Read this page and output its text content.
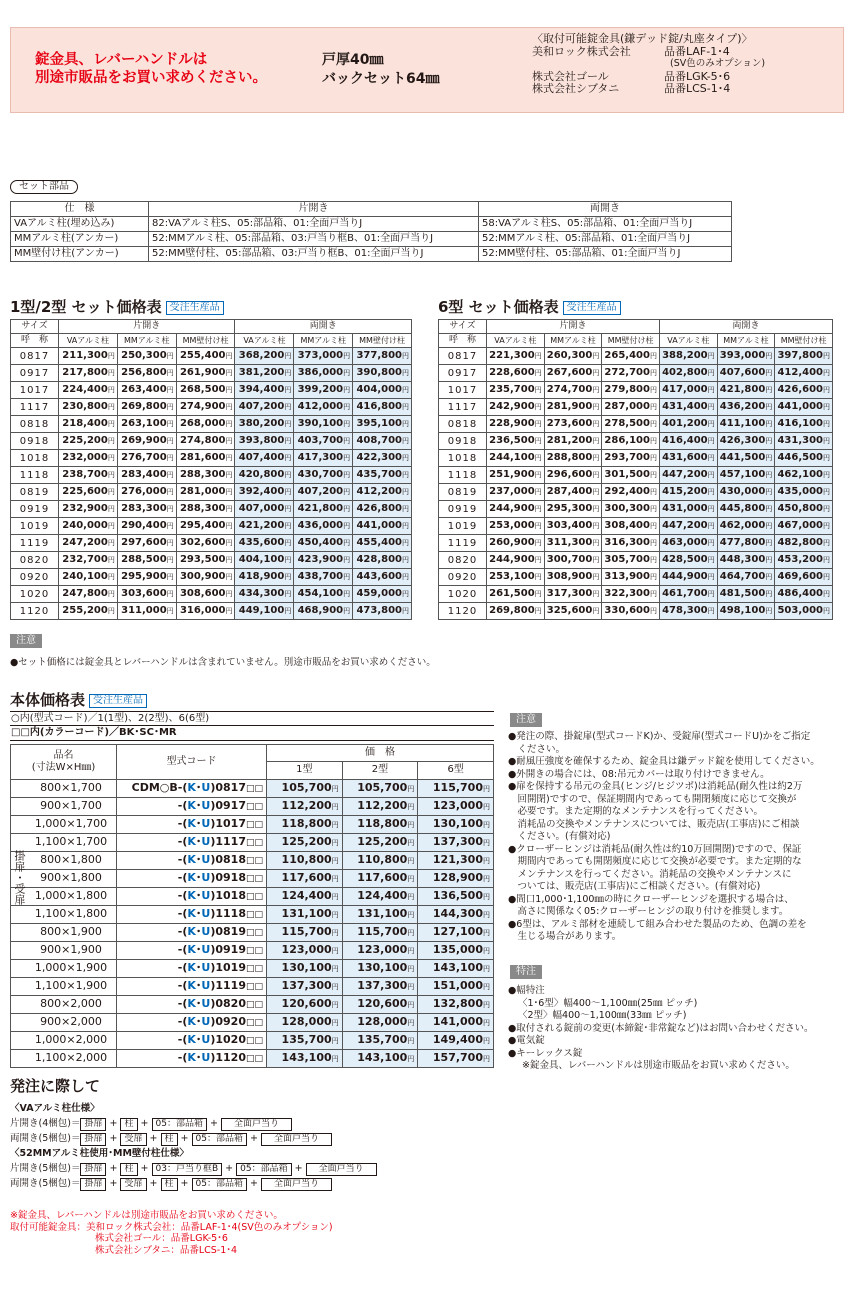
錠金具、レバーハンドルは
別途市販品をお買い求めください。
戸厚40㎜
バックセット64㎜
〈取付可能錠金具(鎌デッド錠/丸座タイプ)〉
美和ロック株式会社	品番LAF-1･4
(SV色のみオプション)
株式会社ゴール	品番LGK-5･6
株式会社シブタニ	品番LCS-1･4
セット部品
仕　様	片開き	両開き
VAアルミ柱(埋め込み)	82:VAアルミ柱S、05:部品箱、01:全面戸当りJ	58:VAアルミ柱S、05:部品箱、01:全面戸当りJ
MMアルミ柱(アンカー)	52:MMアルミ柱、05:部品箱、03:戸当り框B、01:全面戸当りJ	52:MMアルミ柱、05:部品箱、01:全面戸当りJ
MM壁付け柱(アンカー)	52:MM壁付柱、05:部品箱、03:戸当り框B、01:全面戸当りJ	52:MM壁付柱、05:部品箱、01:全面戸当りJ
1型/2型 セット価格表 受注生産品	6型 セット価格表 受注生産品
サイズ	片開き			両開き		
呼　称	VAアルミ柱	MMアルミ柱	MM壁付け柱	VAアルミ柱	MMアルミ柱	MM壁付け柱
0817	211,300円	250,300円	255,400円	368,200円	373,000円	377,800円
0917	217,800円	256,800円	261,900円	381,200円	386,000円	390,800円
1017	224,400円	263,400円	268,500円	394,400円	399,200円	404,000円
1117	230,800円	269,800円	274,900円	407,200円	412,000円	416,800円
0818	218,400円	263,100円	268,000円	380,200円	390,100円	395,100円
0918	225,200円	269,900円	274,800円	393,800円	403,700円	408,700円
1018	232,000円	276,700円	281,600円	407,400円	417,300円	422,300円
1118	238,700円	283,400円	288,300円	420,800円	430,700円	435,700円
0819	225,600円	276,000円	281,000円	392,400円	407,200円	412,200円
0919	232,900円	283,300円	288,300円	407,000円	421,800円	426,800円
1019	240,000円	290,400円	295,400円	421,200円	436,000円	441,000円
1119	247,200円	297,600円	302,600円	435,600円	450,400円	455,400円
0820	232,700円	288,500円	293,500円	404,100円	423,900円	428,800円
0920	240,100円	295,900円	300,900円	418,900円	438,700円	443,600円
1020	247,800円	303,600円	308,600円	434,300円	454,100円	459,000円
1120	255,200円	311,000円	316,000円	449,100円	468,900円	473,800円
サイズ	片開き			両開き		
呼　称	VAアルミ柱	MMアルミ柱	MM壁付け柱	VAアルミ柱	MMアルミ柱	MM壁付け柱
0817	221,300円	260,300円	265,400円	388,200円	393,000円	397,800円
0917	228,600円	267,600円	272,700円	402,800円	407,600円	412,400円
1017	235,700円	274,700円	279,800円	417,000円	421,800円	426,600円
1117	242,900円	281,900円	287,000円	431,400円	436,200円	441,000円
0818	228,900円	273,600円	278,500円	401,200円	411,100円	416,100円
0918	236,500円	281,200円	286,100円	416,400円	426,300円	431,300円
1018	244,100円	288,800円	293,700円	431,600円	441,500円	446,500円
1118	251,900円	296,600円	301,500円	447,200円	457,100円	462,100円
0819	237,000円	287,400円	292,400円	415,200円	430,000円	435,000円
0919	244,900円	295,300円	300,300円	431,000円	445,800円	450,800円
1019	253,000円	303,400円	308,400円	447,200円	462,000円	467,000円
1119	260,900円	311,300円	316,300円	463,000円	477,800円	482,800円
0820	244,900円	300,700円	305,700円	428,500円	448,300円	453,200円
0920	253,100円	308,900円	313,900円	444,900円	464,700円	469,600円
1020	261,500円	317,300円	322,300円	461,700円	481,500円	486,400円
1120	269,800円	325,600円	330,600円	478,300円	498,100円	503,000円
注意
●セット価格には錠金具とレバーハンドルは含まれていません。別途市販品をお買い求めください。
本体価格表 受注生産品
○内(型式コード)／1(1型)、2(2型)、6(6型)
□□内(カラーコード)／BK･SC･MR
品名
(寸法W×H㎜)	型式コード	価　格		
		1型	2型	6型
800×1,700	CDM○B-(K･U)0817□□	105,700円	105,700円	115,700円
900×1,700	-(K･U)0917□□	112,200円	112,200円	123,000円
1,000×1,700	-(K･U)1017□□	118,800円	118,800円	130,100円
1,100×1,700	-(K･U)1117□□	125,200円	125,200円	137,300円
800×1,800	-(K･U)0818□□	110,800円	110,800円	121,300円
900×1,800	-(K･U)0918□□	117,600円	117,600円	128,900円
1,000×1,800	-(K･U)1018□□	124,400円	124,400円	136,500円
1,100×1,800	-(K･U)1118□□	131,100円	131,100円	144,300円
800×1,900	-(K･U)0819□□	115,700円	115,700円	127,100円
900×1,900	-(K･U)0919□□	123,000円	123,000円	135,000円
1,000×1,900	-(K･U)1019□□	130,100円	130,100円	143,100円
1,100×1,900	-(K･U)1119□□	137,300円	137,300円	151,000円
800×2,000	-(K･U)0820□□	120,600円	120,600円	132,800円
900×2,000	-(K･U)0920□□	128,000円	128,000円	141,000円
1,000×2,000	-(K･U)1020□□	135,700円	135,700円	149,400円
1,100×2,000	-(K･U)1120□□	143,100円	143,100円	157,700円
注意
●発注の際、掛錠扉(型式コードK)か、受錠扉(型式コードU)かをご指定
　ください。
●耐風圧強度を確保するため、錠金具は鎌デッド錠を使用してください。
●外開きの場合には、08:吊元カバーは取り付けできません。
●扉を保持する吊元の金具(ヒンジ/ヒジツボ)は消耗品(耐久性は約2万
　回開閉)ですので、保証期間内であっても開閉頻度に応じて交換が
　必要です。また定期的なメンテナンスを行ってください。
　消耗品の交換やメンテナンスについては、販売店(工事店)にご相談
　ください。(有償対応)
●クローザーヒンジは消耗品(耐久性は約10万回開閉)ですので、保証
　期間内であっても開閉頻度に応じて交換が必要です。また定期的な
　メンテナンスを行ってください。消耗品の交換やメンテナンスに
　ついては、販売店(工事店)にご相談ください。(有償対応)
●間口1,000･1,100㎜の時にクローザーヒンジを選択する場合は、
　高さに関係なく05:クローザーヒンジの取り付けを推奨します。
●6型は、アルミ部材を連続して組み合わせた製品のため、色調の差を
　生じる場合があります。
特注
●幅特注
〈1･6型〉幅400～1,100㎜(25㎜ ピッチ)
〈2型〉幅400～1,100㎜(33㎜ ピッチ)
●取付される錠前の変更(本締錠･非常錠など)はお問い合わせください。
●電気錠
●キーレックス錠
※錠金具、レバーハンドルは別途市販品をお買い求めください。
発注に際して
〈VAアルミ柱仕様〉
片開き(4梱包)＝ 掛扉 + 柱 + 05：部品箱 + 全面戸当り
両開き(5梱包)＝ 掛扉 + 受扉 + 柱 + 05：部品箱 + 全面戸当り
〈52MMアルミ柱使用･MM壁付柱仕様〉
片開き(5梱包)＝ 掛扉 + 柱 + 03：戸当り框B + 05：部品箱 + 全面戸当り
両開き(5梱包)＝ 掛扉 + 受扉 + 柱 + 05：部品箱 + 全面戸当り
※錠金具、レバーハンドルは別途市販品をお買い求めください。
取付可能錠金具：美和ロック株式会社：品番LAF-1･4(SV色のみオプション)
株式会社ゴール：品番LGK-5･6
株式会社シブタニ：品番LCS-1･4
掛扉・受扉
